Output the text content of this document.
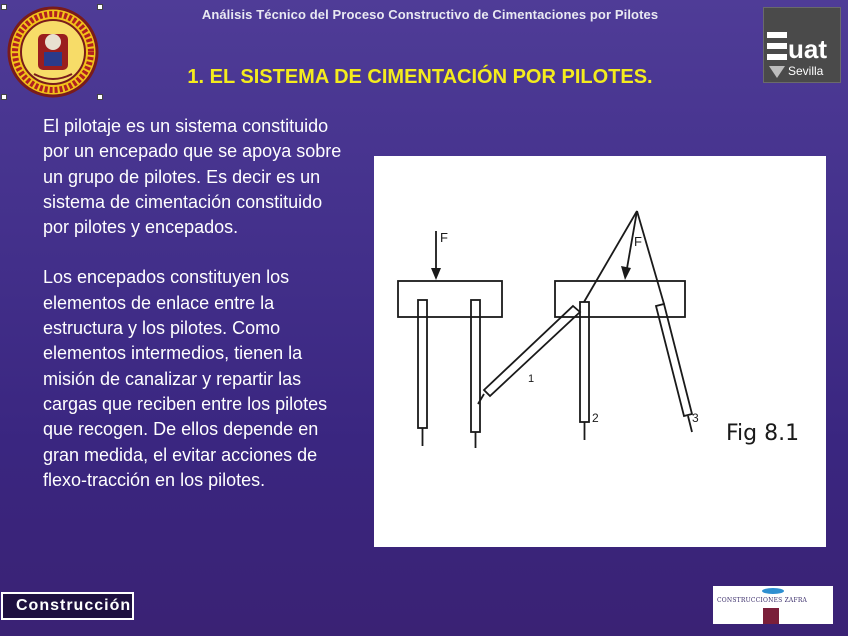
Análisis Técnico del Proceso Constructivo de Cimentaciones por Pilotes
uat
Sevilla
1. EL SISTEMA DE CIMENTACIÓN POR PILOTES.

El pilotaje es un sistema constituido por un encepado que se apoya sobre un grupo de pilotes. Es decir es un sistema de cimentación constituido por pilotes y encepados.

Los encepados constituyen los elementos de enlace entre la estructura y los pilotes. Como elementos intermedios, tienen la misión de canalizar y repartir las cargas que reciben entre los pilotes que recogen. De ellos depende en gran medida, el evitar acciones de flexo-tracción en los pilotes.

F	F
1
2	3
Fig 8.1
Construcción	CONSTRUCCIONES ZAFRA
